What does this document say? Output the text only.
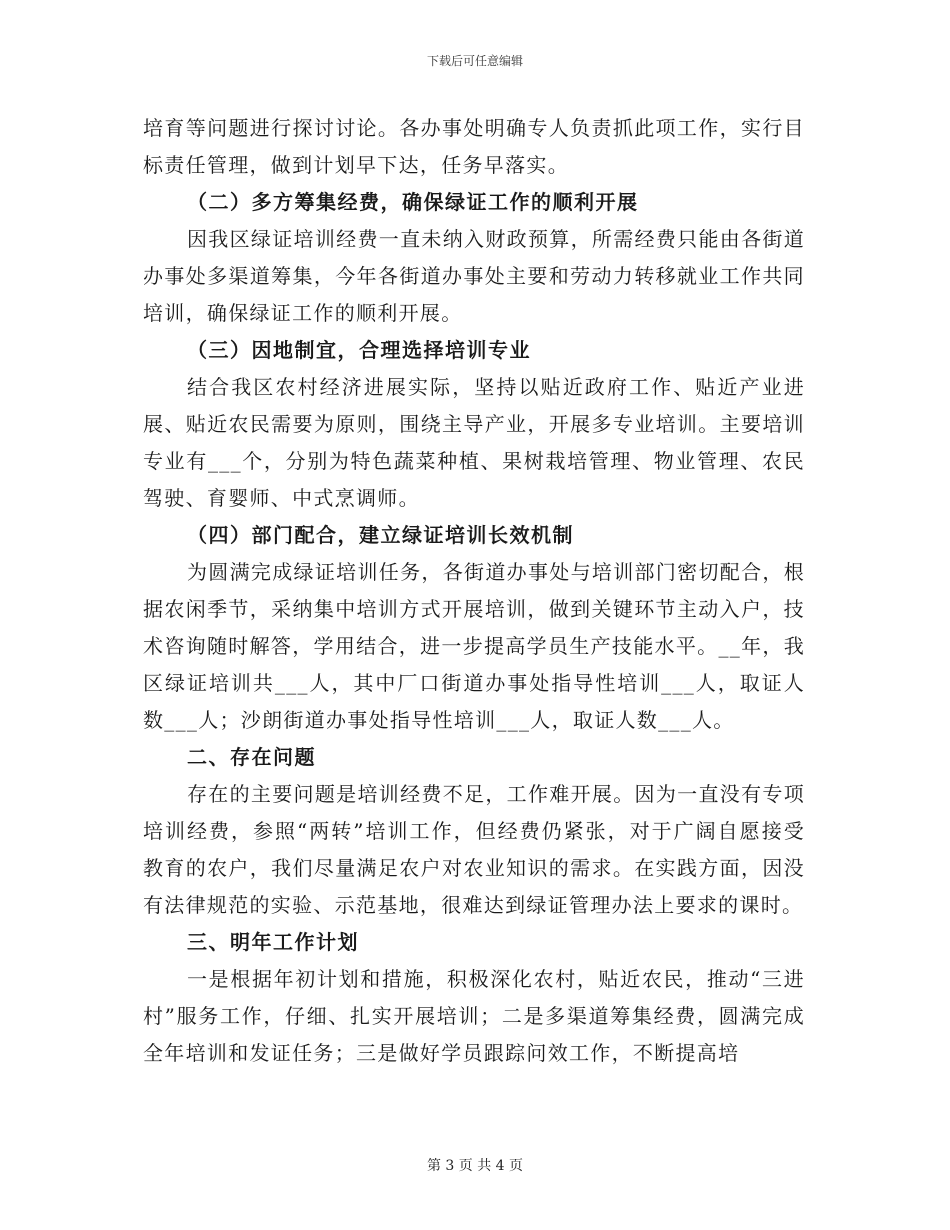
下载后可任意编辑

培育等问题进行探讨讨论。各办事处明确专人负责抓此项工作，实行目标责任管理，做到计划早下达，任务早落实。

（二）多方筹集经费，确保绿证工作的顺利开展

因我区绿证培训经费一直未纳入财政预算，所需经费只能由各街道办事处多渠道筹集，今年各街道办事处主要和劳动力转移就业工作共同培训，确保绿证工作的顺利开展。

（三）因地制宜，合理选择培训专业

结合我区农村经济进展实际，坚持以贴近政府工作、贴近产业进展、贴近农民需要为原则，围绕主导产业，开展多专业培训。主要培训专业有___个，分别为特色蔬菜种植、果树栽培管理、物业管理、农民驾驶、育婴师、中式烹调师。

（四）部门配合，建立绿证培训长效机制

为圆满完成绿证培训任务，各街道办事处与培训部门密切配合，根据农闲季节，采纳集中培训方式开展培训，做到关键环节主动入户，技术咨询随时解答，学用结合，进一步提高学员生产技能水平。__年，我区绿证培训共___人，其中厂口街道办事处指导性培训___人，取证人数___人；沙朗街道办事处指导性培训___人，取证人数___人。

二、存在问题

存在的主要问题是培训经费不足，工作难开展。因为一直没有专项培训经费，参照“两转”培训工作，但经费仍紧张，对于广阔自愿接受教育的农户，我们尽量满足农户对农业知识的需求。在实践方面，因没有法律规范的实验、示范基地，很难达到绿证管理办法上要求的课时。

三、明年工作计划

一是根据年初计划和措施，积极深化农村，贴近农民，推动“三进村”服务工作，仔细、扎实开展培训；二是多渠道筹集经费，圆满完成全年培训和发证任务；三是做好学员跟踪问效工作，不断提高培

第 3 页 共 4 页
